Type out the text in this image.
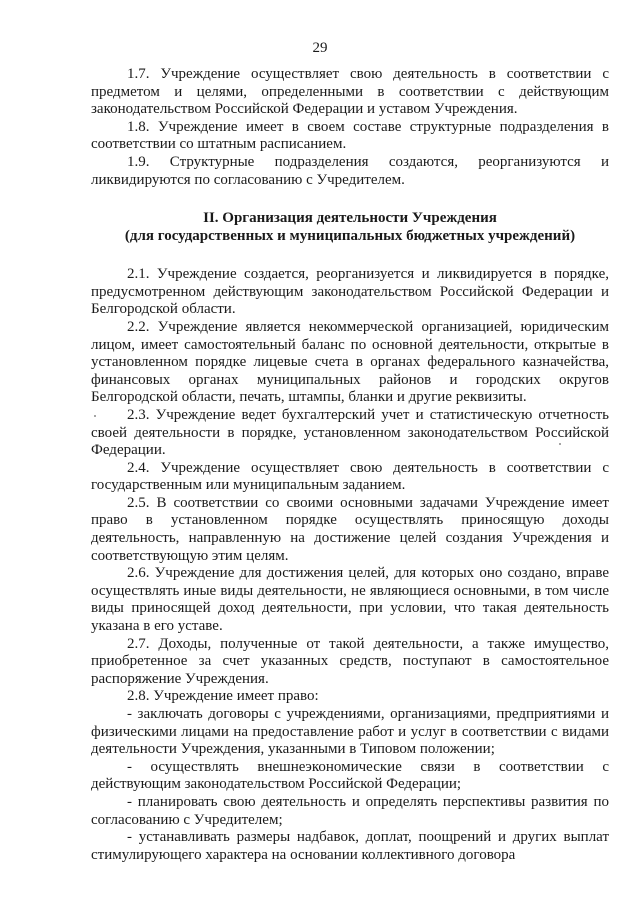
29

1.7. Учреждение осуществляет свою деятельность в соответствии с предметом и целями, определенными в соответствии с действующим законодательством Российской Федерации и уставом Учреждения.

1.8. Учреждение имеет в своем составе структурные подразделения в соответствии со штатным расписанием.

1.9. Структурные подразделения создаются, реорганизуются и ликвидируются по согласованию с Учредителем.

II. Организация деятельности Учреждения
(для государственных и муниципальных бюджетных учреждений)

2.1. Учреждение создается, реорганизуется и ликвидируется в порядке, предусмотренном действующим законодательством Российской Федерации и Белгородской области.

2.2. Учреждение является некоммерческой организацией, юридическим лицом, имеет самостоятельный баланс по основной деятельности, открытые в установленном порядке лицевые счета в органах федерального казначейства, финансовых органах муниципальных районов и городских округов Белгородской области, печать, штампы, бланки и другие реквизиты.

2.3. Учреждение ведет бухгалтерский учет и статистическую отчетность своей деятельности в порядке, установленном законодательством Российской Федерации.

2.4. Учреждение осуществляет свою деятельность в соответствии с государственным или муниципальным заданием.

2.5. В соответствии со своими основными задачами Учреждение имеет право в установленном порядке осуществлять приносящую доходы деятельность, направленную на достижение целей создания Учреждения и соответствующую этим целям.

2.6. Учреждение для достижения целей, для которых оно создано, вправе осуществлять иные виды деятельности, не являющиеся основными, в том числе виды приносящей доход деятельности, при условии, что такая деятельность указана в его уставе.

2.7. Доходы, полученные от такой деятельности, а также имущество, приобретенное за счет указанных средств, поступают в самостоятельное распоряжение Учреждения.

2.8. Учреждение имеет право:

- заключать договоры с учреждениями, организациями, предприятиями и физическими лицами на предоставление работ и услуг в соответствии с видами деятельности Учреждения, указанными в Типовом положении;

- осуществлять внешнеэкономические связи в соответствии с действующим законодательством Российской Федерации;

- планировать свою деятельность и определять перспективы развития по согласованию с Учредителем;

- устанавливать размеры надбавок, доплат, поощрений и других выплат стимулирующего характера на основании коллективного договора
